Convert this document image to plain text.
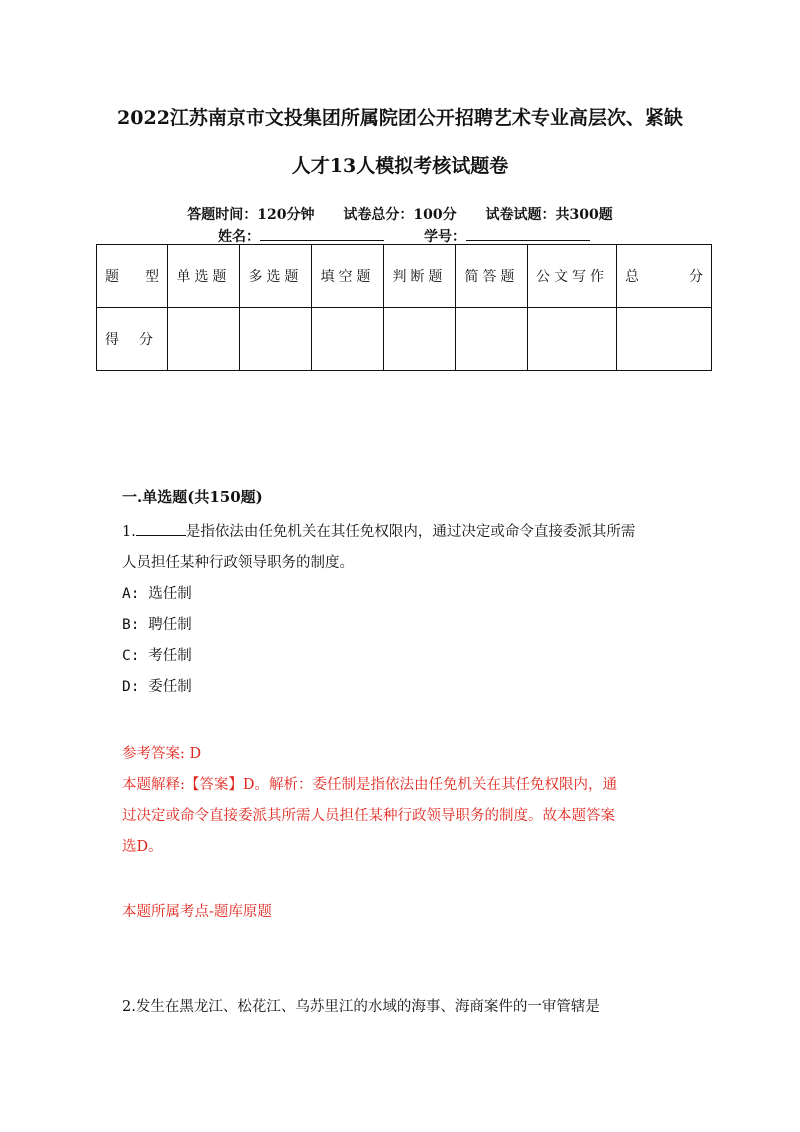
2022江苏南京市文投集团所属院团公开招聘艺术专业高层次、紧缺
人才13人模拟考核试题卷
答题时间：120分钟 试卷总分：100分 试卷试题：共300题
姓名：	学号：
题 型	单选题	多选题	填空题	判断题	简答题	公文写作	总 分

得 分							

一.单选题(共150题)
1.	是指依法由任免机关在其任免权限内，通过决定或命令直接委派其所需
人员担任某种行政领导职务的制度。
A: 选任制
B: 聘任制
C: 考任制
D: 委任制
参考答案: D
本题解释:【答案】D。解析：委任制是指依法由任免机关在其任免权限内，通
过决定或命令直接委派其所需人员担任某种行政领导职务的制度。故本题答案
选D。
本题所属考点-题库原题
2.发生在黑龙江、松花江、乌苏里江的水域的海事、海商案件的一审管辖是
